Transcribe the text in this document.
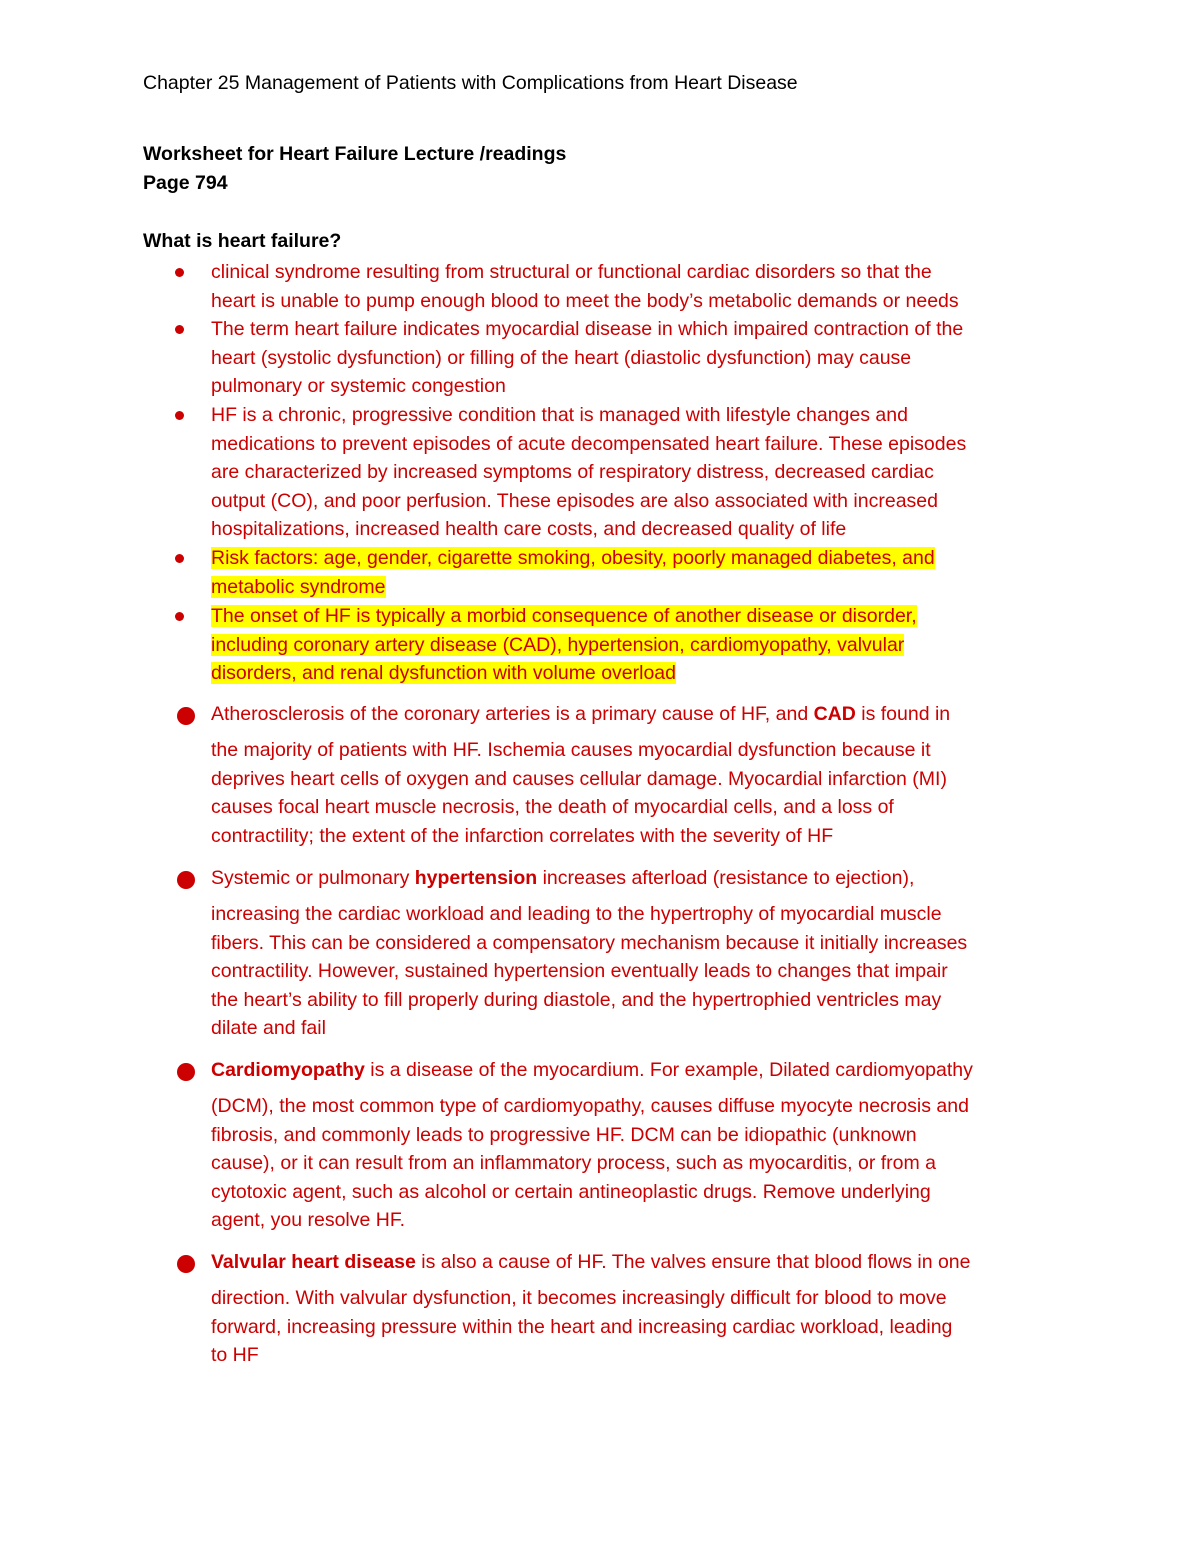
Chapter 25 Management of Patients with Complications from Heart Disease
Worksheet for Heart Failure Lecture /readings
Page 794
What is heart failure?
clinical syndrome resulting from structural or functional cardiac disorders so that the
heart is unable to pump enough blood to meet the body’s metabolic demands or needs
The term heart failure indicates myocardial disease in which impaired contraction of the
heart (systolic dysfunction) or filling of the heart (diastolic dysfunction) may cause
pulmonary or systemic congestion
HF is a chronic, progressive condition that is managed with lifestyle changes and
medications to prevent episodes of acute decompensated heart failure. These episodes
are characterized by increased symptoms of respiratory distress, decreased cardiac
output (CO), and poor perfusion. These episodes are also associated with increased
hospitalizations, increased health care costs, and decreased quality of life
Risk factors: age, gender, cigarette smoking, obesity, poorly managed diabetes, and
metabolic syndrome
The onset of HF is typically a morbid consequence of another disease or disorder,
including coronary artery disease (CAD), hypertension, cardiomyopathy, valvular
disorders, and renal dysfunction with volume overload
Atherosclerosis of the coronary arteries is a primary cause of HF, and CAD is found in
the majority of patients with HF. Ischemia causes myocardial dysfunction because it
deprives heart cells of oxygen and causes cellular damage. Myocardial infarction (MI)
causes focal heart muscle necrosis, the death of myocardial cells, and a loss of
contractility; the extent of the infarction correlates with the severity of HF
Systemic or pulmonary hypertension increases afterload (resistance to ejection),
increasing the cardiac workload and leading to the hypertrophy of myocardial muscle
fibers. This can be considered a compensatory mechanism because it initially increases
contractility. However, sustained hypertension eventually leads to changes that impair
the heart’s ability to fill properly during diastole, and the hypertrophied ventricles may
dilate and fail
Cardiomyopathy is a disease of the myocardium. For example, Dilated cardiomyopathy
(DCM), the most common type of cardiomyopathy, causes diffuse myocyte necrosis and
fibrosis, and commonly leads to progressive HF. DCM can be idiopathic (unknown
cause), or it can result from an inflammatory process, such as myocarditis, or from a
cytotoxic agent, such as alcohol or certain antineoplastic drugs. Remove underlying
agent, you resolve HF.
Valvular heart disease is also a cause of HF. The valves ensure that blood flows in one
direction. With valvular dysfunction, it becomes increasingly difficult for blood to move
forward, increasing pressure within the heart and increasing cardiac workload, leading
to HF
